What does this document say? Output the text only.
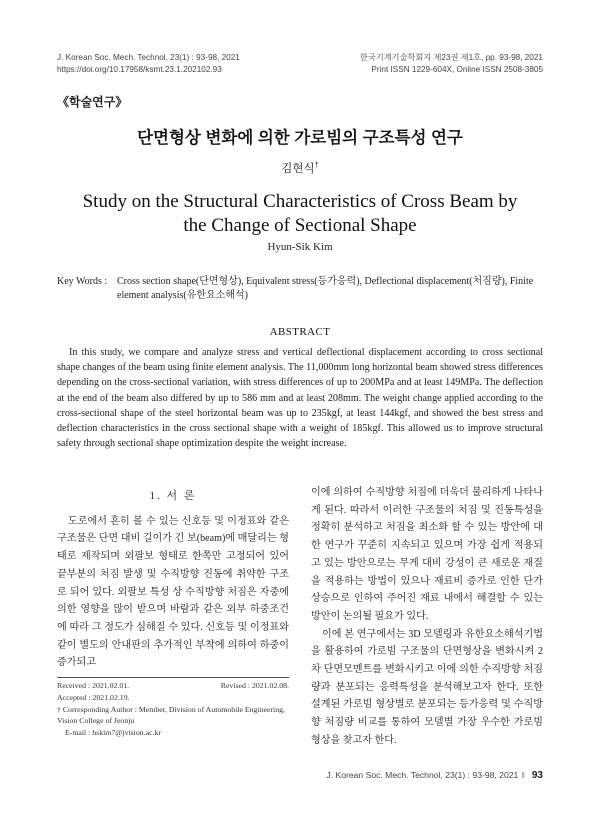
J. Korean Soc. Mech. Technol, 23(1) : 93-98, 2021
https://doi.org/10.17958/ksmt.23.1.202102.93
한국기계기술학회지 제23권 제1호, pp. 93-98, 2021
Print ISSN 1229-604X, Online ISSN 2508-3805
《학술연구》
단면형상 변화에 의한 가로빔의 구조특성 연구
김현식†
Study on the Structural Characteristics of Cross Beam by
the Change of Sectional Shape
Hyun-Sik Kim
Key Words : Cross section shape(단면형상), Equivalent stress(등가응력), Deflectional displacement(처짐량), Finite element analysis(유한요소해석)
ABSTRACT
In this study, we compare and analyze stress and vertical deflectional displacement according to cross sectional shape changes of the beam using finite element analysis. The 11,000mm long horizontal beam showed stress differences depending on the cross-sectional variation, with stress differences of up to 200MPa and at least 149MPa. The deflection at the end of the beam also differed by up to 586 mm and at least 208mm. The weight change applied according to the cross-sectional shape of the steel horizontal beam was up to 235kgf, at least 144kgf, and showed the best stress and deflection characteristics in the cross sectional shape with a weight of 185kgf. This allowed us to improve structural safety through sectional shape optimization despite the weight increase.
1. 서 론

도로에서 흔히 볼 수 있는 신호등 및 이정표와 같은 구조물은 단면 대비 길이가 긴 보(beam)에 매달리는 형태로 제작되며 외팔보 형태로 한쪽만 고정되어 있어 끝부분의 처짐 발생 및 수직방향 진동에 취약한 구조로 되어 있다. 외팔보 특성 상 수직방향 처짐은 자중에 의한 영향을 많이 받으며 바람과 같은 외부 하중조건에 따라 그 정도가 심해질 수 있다. 신호등 및 이정표와 같이 별도의 안내판의 추가적인 부착에 의하여 하중이 증가되고

이에 의하여 수직방향 처짐에 더욱더 불리하게 나타나게 된다. 따라서 이러한 구조물의 처짐 및 진동특성을 정확히 분석하고 처짐을 최소화 할 수 있는 방안에 대한 연구가 꾸준히 지속되고 있으며 가장 쉽게 적용되고 있는 방안으로는 무게 대비 강성이 큰 새로운 재질을 적용하는 방법이 있으나 재료비 증가로 인한 단가 상승으로 인하여 주어진 재료 내에서 해결할 수 있는 방안이 논의될 필요가 있다.

이에 본 연구에서는 3D 모델링과 유한요소해석기법을 활용하여 가로빔 구조물의 단면형상을 변화시켜 2차 단면모멘트를 변화시키고 이에 의한 수직방향 처짐량과 분포되는 응력특성을 분석해보고자 한다. 또한 설계된 가로빔 형상별로 분포되는 등가응력 및 수직방향 처짐량 비교를 통하여 모델별 가장 우수한 가로빔 형상을 찾고자 한다.

Received : 2021.02.01.	Revised : 2021.02.08.
Accepted : 2021.02.19.
† Corresponding Author : Member, Division of Automobile Engineering, Vision College of Jeonju
E-mail : hskim7@jvision.ac.kr
J. Korean Soc. Mech. Technol, 23(1) : 93-98, 2021 ‖ 93
